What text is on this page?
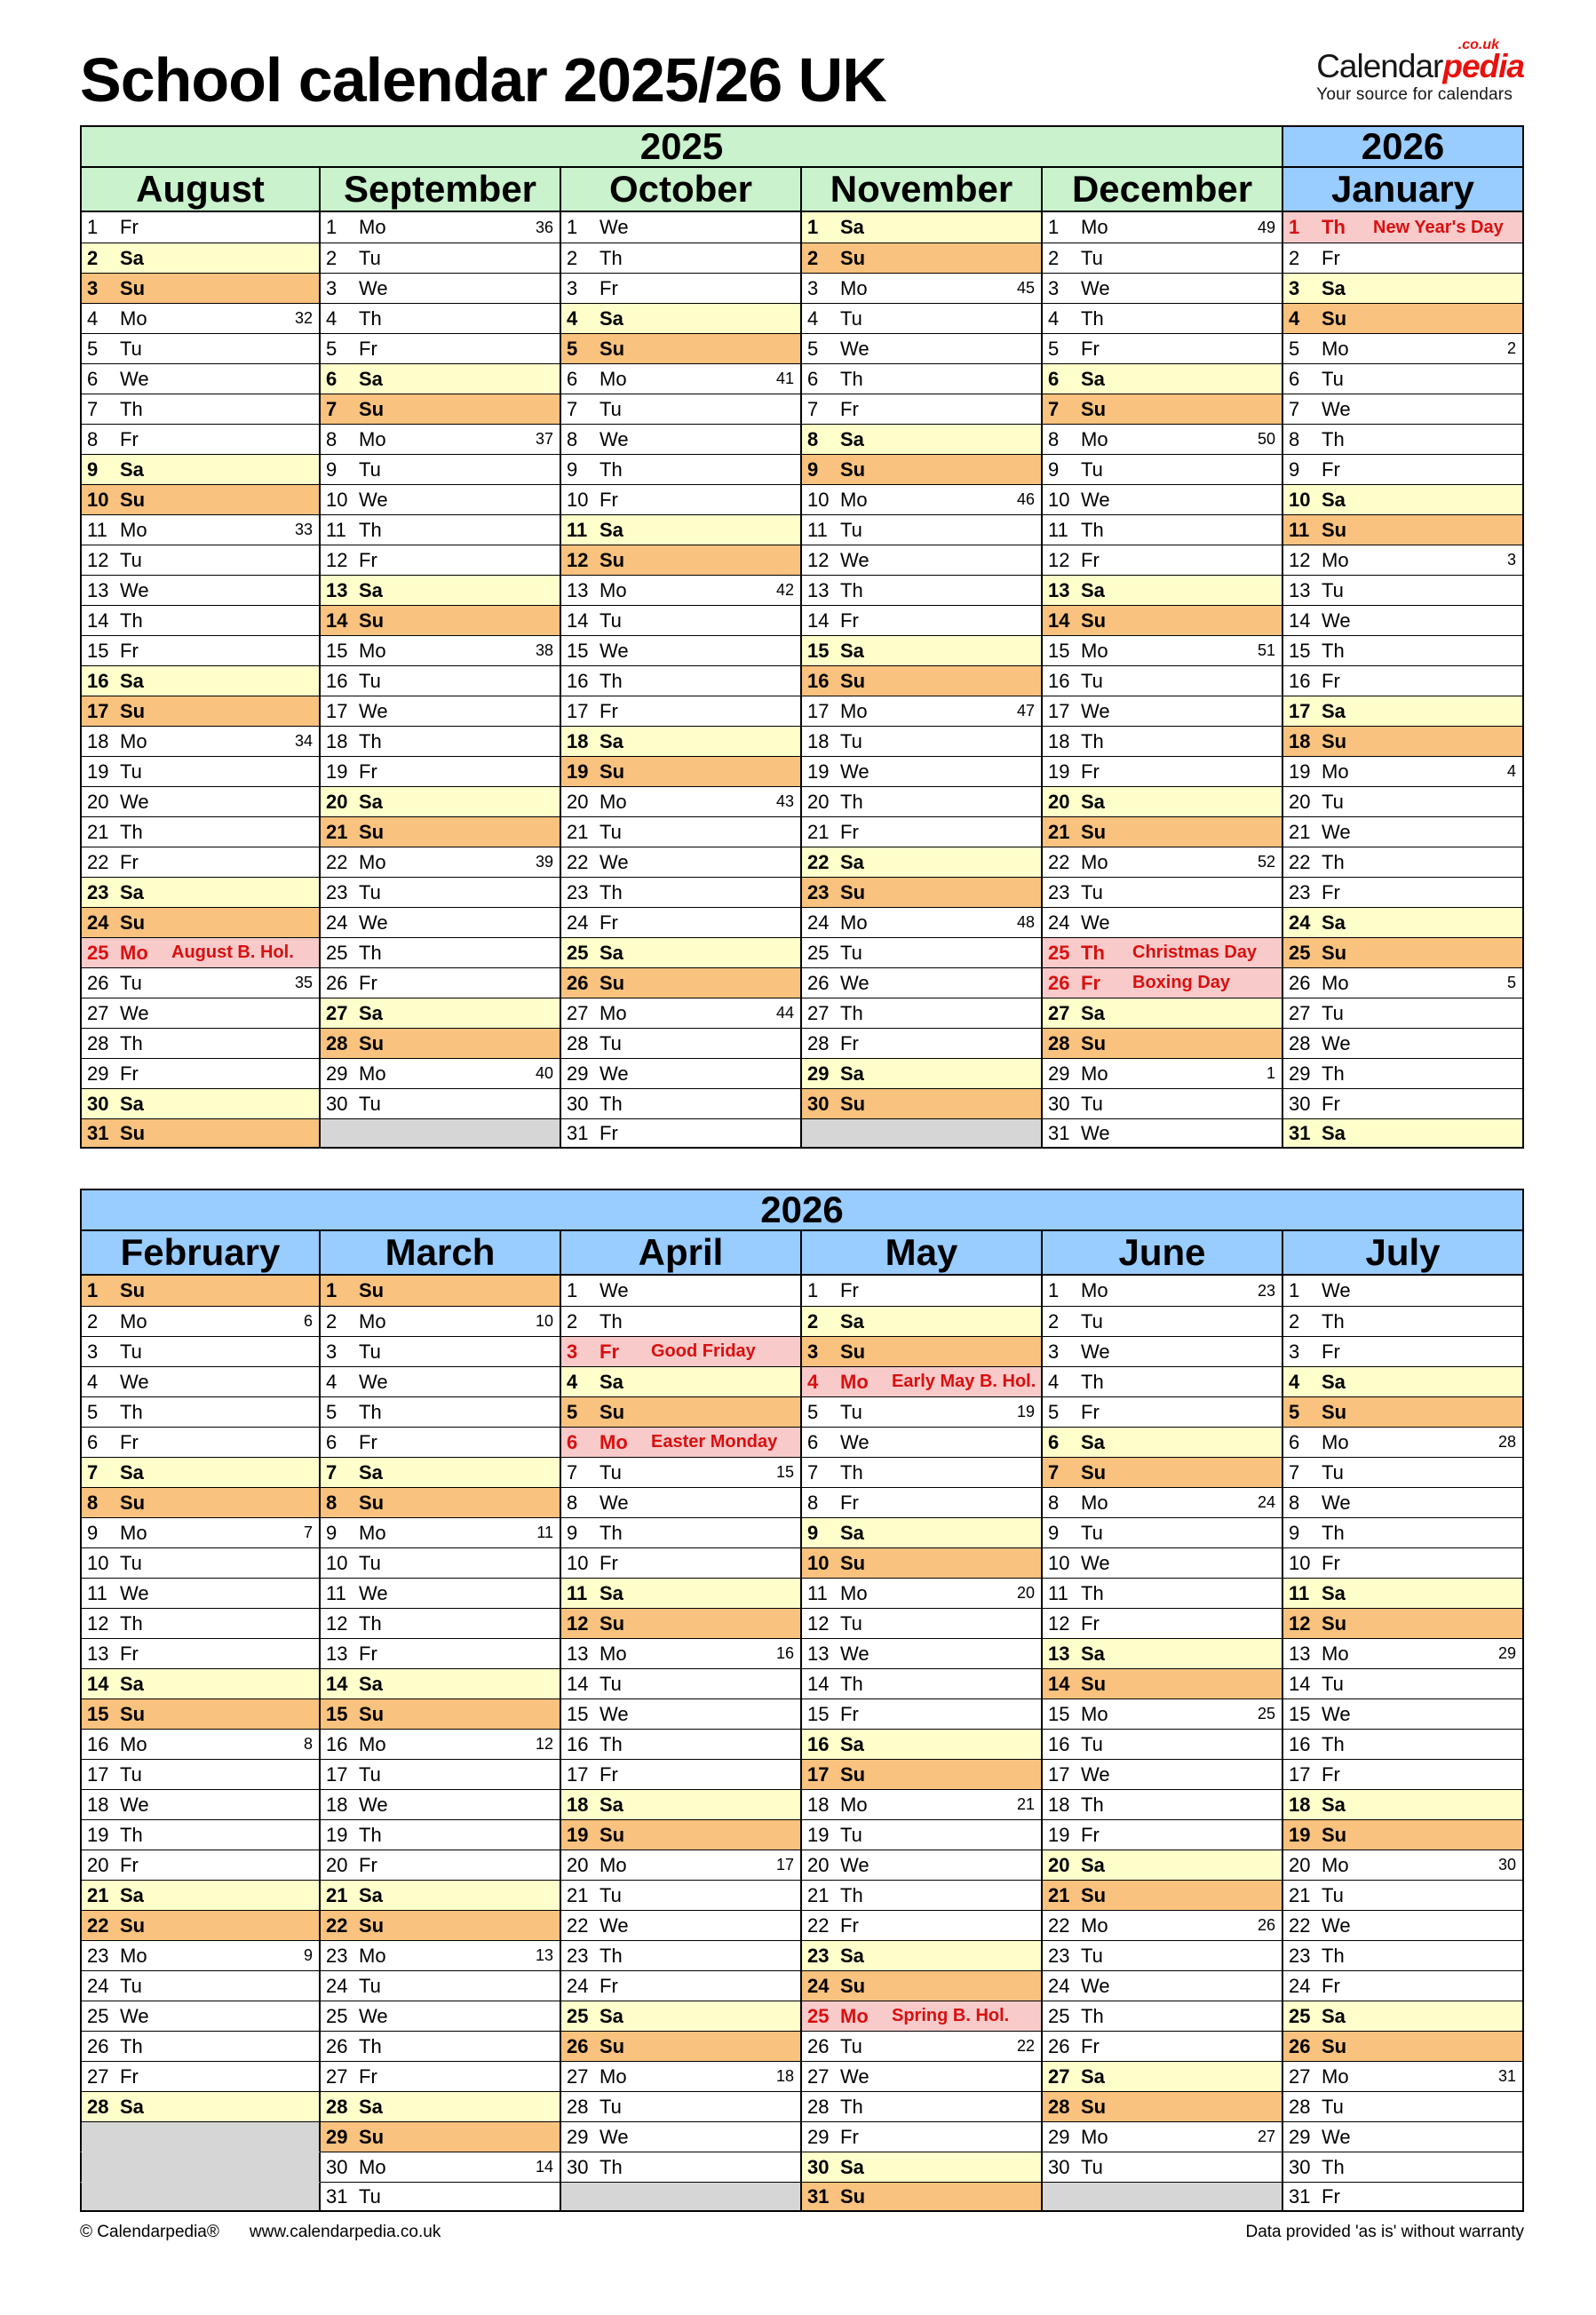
School calendar 2025/26 UK	Calendarpedia
.co.uk
Your source for calendars
2025					2026
August	September	October	November	December	January

1 Fr	1 Mo 36	1 We	1 Sa	1 Mo 49	1 Th New Year's Day

2 Sa	2 Tu	2 Th	2 Su	2 Tu	2 Fr

3 Su	3 We	3 Fr	3 Mo 45	3 We	3 Sa

4 Mo 32	4 Th	4 Sa	4 Tu	4 Th	4 Su

5 Tu	5 Fr	5 Su	5 We	5 Fr	5 Mo 2

6 We	6 Sa	6 Mo 41	6 Th	6 Sa	6 Tu

7 Th	7 Su	7 Tu	7 Fr	7 Su	7 We

8 Fr	8 Mo 37	8 We	8 Sa	8 Mo 50	8 Th

9 Sa	9 Tu	9 Th	9 Su	9 Tu	9 Fr

10 Su	10 We	10 Fr	10 Mo 46	10 We	10 Sa

11 Mo 33	11 Th	11 Sa	11 Tu	11 Th	11 Su

12 Tu	12 Fr	12 Su	12 We	12 Fr	12 Mo 3

13 We	13 Sa	13 Mo 42	13 Th	13 Sa	13 Tu

14 Th	14 Su	14 Tu	14 Fr	14 Su	14 We

15 Fr	15 Mo 38	15 We	15 Sa	15 Mo 51	15 Th

16 Sa	16 Tu	16 Th	16 Su	16 Tu	16 Fr

17 Su	17 We	17 Fr	17 Mo 47	17 We	17 Sa

18 Mo 34	18 Th	18 Sa	18 Tu	18 Th	18 Su

19 Tu	19 Fr	19 Su	19 We	19 Fr	19 Mo 4

20 We	20 Sa	20 Mo 43	20 Th	20 Sa	20 Tu

21 Th	21 Su	21 Tu	21 Fr	21 Su	21 We

22 Fr	22 Mo 39	22 We	22 Sa	22 Mo 52	22 Th

23 Sa	23 Tu	23 Th	23 Su	23 Tu	23 Fr

24 Su	24 We	24 Fr	24 Mo 48	24 We	24 Sa

25 Mo August B. Hol.	25 Th	25 Sa	25 Tu	25 Th Christmas Day	25 Su

26 Tu 35	26 Fr	26 Su	26 We	26 Fr Boxing Day	26 Mo 5

27 We	27 Sa	27 Mo 44	27 Th	27 Sa	27 Tu

28 Th	28 Su	28 Tu	28 Fr	28 Su	28 We

29 Fr	29 Mo 40	29 We	29 Sa	29 Mo 1	29 Th

30 Sa	30 Tu	30 Th	30 Su	30 Tu	30 Fr

31 Su		31 Fr		31 We	31 Sa
2026					
February	March	April	May	June	July

1 Su	1 Su	1 We	1 Fr	1 Mo 23	1 We

2 Mo 6	2 Mo 10	2 Th	2 Sa	2 Tu	2 Th

3 Tu	3 Tu	3 Fr Good Friday	3 Su	3 We	3 Fr

4 We	4 We	4 Sa	4 Mo Early May B. Hol.	4 Th	4 Sa

5 Th	5 Th	5 Su	5 Tu 19	5 Fr	5 Su

6 Fr	6 Fr	6 Mo Easter Monday	6 We	6 Sa	6 Mo 28

7 Sa	7 Sa	7 Tu 15	7 Th	7 Su	7 Tu

8 Su	8 Su	8 We	8 Fr	8 Mo 24	8 We

9 Mo 7	9 Mo 11	9 Th	9 Sa	9 Tu	9 Th

10 Tu	10 Tu	10 Fr	10 Su	10 We	10 Fr

11 We	11 We	11 Sa	11 Mo 20	11 Th	11 Sa

12 Th	12 Th	12 Su	12 Tu	12 Fr	12 Su

13 Fr	13 Fr	13 Mo 16	13 We	13 Sa	13 Mo 29

14 Sa	14 Sa	14 Tu	14 Th	14 Su	14 Tu

15 Su	15 Su	15 We	15 Fr	15 Mo 25	15 We

16 Mo 8	16 Mo 12	16 Th	16 Sa	16 Tu	16 Th

17 Tu	17 Tu	17 Fr	17 Su	17 We	17 Fr

18 We	18 We	18 Sa	18 Mo 21	18 Th	18 Sa

19 Th	19 Th	19 Su	19 Tu	19 Fr	19 Su

20 Fr	20 Fr	20 Mo 17	20 We	20 Sa	20 Mo 30

21 Sa	21 Sa	21 Tu	21 Th	21 Su	21 Tu

22 Su	22 Su	22 We	22 Fr	22 Mo 26	22 We

23 Mo 9	23 Mo 13	23 Th	23 Sa	23 Tu	23 Th

24 Tu	24 Tu	24 Fr	24 Su	24 We	24 Fr

25 We	25 We	25 Sa	25 Mo Spring B. Hol.	25 Th	25 Sa

26 Th	26 Th	26 Su	26 Tu 22	26 Fr	26 Su

27 Fr	27 Fr	27 Mo 18	27 We	27 Sa	27 Mo 31

28 Sa	28 Sa	28 Tu	28 Th	28 Su	28 Tu

	29 Su	29 We	29 Fr	29 Mo 27	29 We

	30 Mo 14	30 Th	30 Sa	30 Tu	30 Th

	31 Tu		31 Su		31 Fr
© Calendarpedia® www.calendarpedia.co.uk	Data provided 'as is' without warranty
